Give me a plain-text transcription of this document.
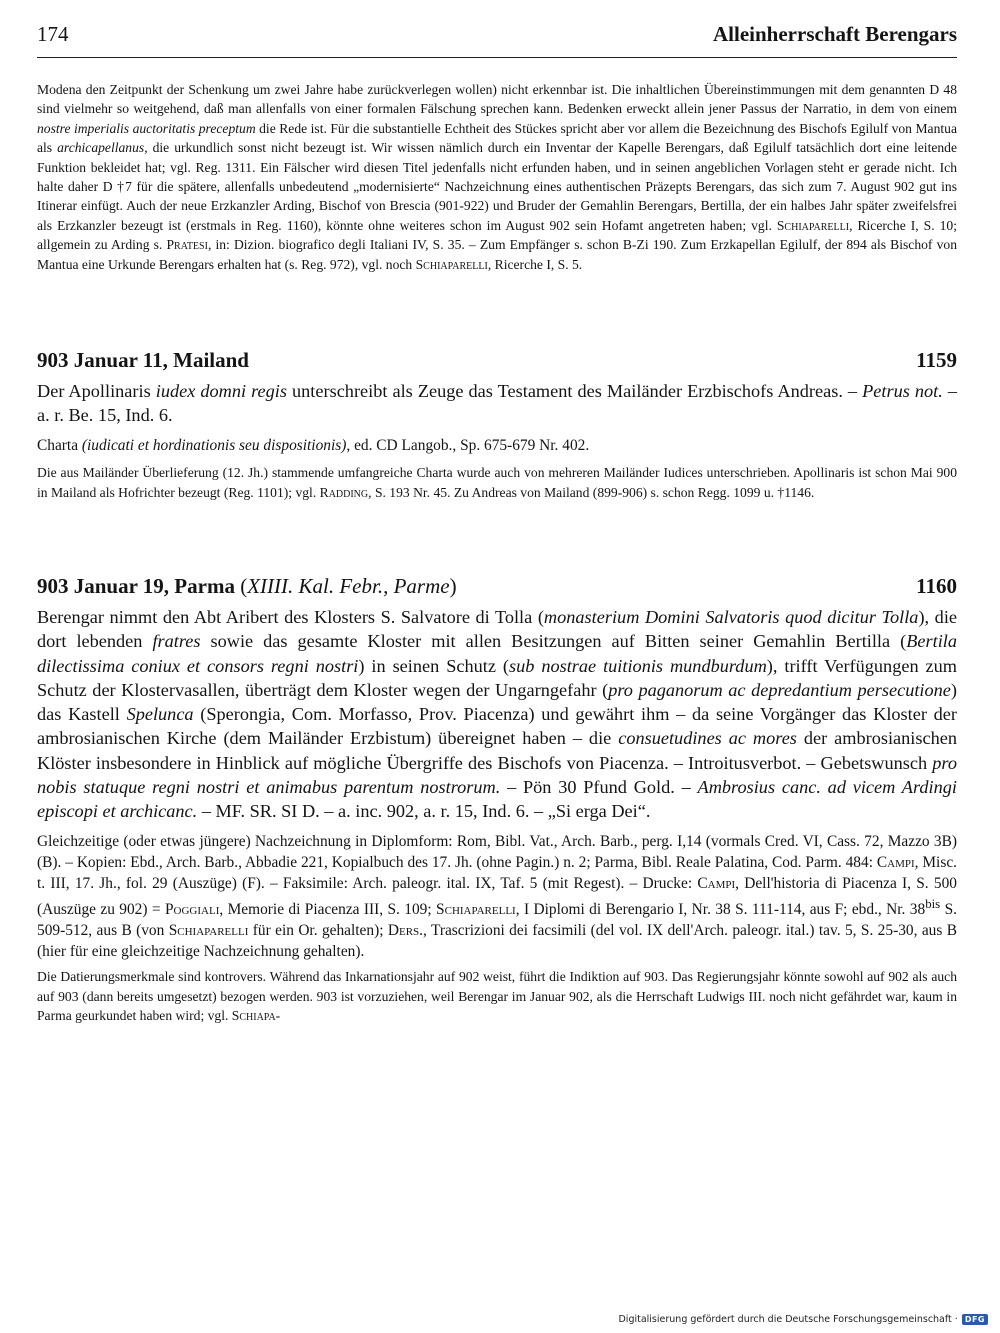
174	Alleinherrschaft Berengars

Modena den Zeitpunkt der Schenkung um zwei Jahre habe zurückverlegen wollen) nicht erkennbar ist. Die inhaltlichen Übereinstimmungen mit dem genannten D 48 sind vielmehr so weitgehend, daß man allenfalls von einer formalen Fälschung sprechen kann. Bedenken erweckt allein jener Passus der Narratio, in dem von einem nostre imperialis auctoritatis preceptum die Rede ist. Für die substantielle Echtheit des Stückes spricht aber vor allem die Bezeichnung des Bischofs Egilulf von Mantua als archicapellanus, die urkundlich sonst nicht bezeugt ist. Wir wissen nämlich durch ein Inventar der Kapelle Berengars, daß Egilulf tatsächlich dort eine leitende Funktion bekleidet hat; vgl. Reg. 1311. Ein Fälscher wird diesen Titel jedenfalls nicht erfunden haben, und in seinen angeblichen Vorlagen steht er gerade nicht. Ich halte daher D †7 für die spätere, allenfalls unbedeutend „modernisierte“ Nachzeichnung eines authentischen Präzepts Berengars, das sich zum 7. August 902 gut ins Itinerar einfügt. Auch der neue Erzkanzler Arding, Bischof von Brescia (901-922) und Bruder der Gemahlin Berengars, Bertilla, der ein halbes Jahr später zweifelsfrei als Erzkanzler bezeugt ist (erstmals in Reg. 1160), könnte ohne weiteres schon im August 902 sein Hofamt angetreten haben; vgl. Schiaparelli, Ricerche I, S. 10; allgemein zu Arding s. Pratesi, in: Dizion. biografico degli Italiani IV, S. 35. – Zum Empfänger s. schon B-Zi 190. Zum Erzkapellan Egilulf, der 894 als Bischof von Mantua eine Urkunde Berengars erhalten hat (s. Reg. 972), vgl. noch Schiaparelli, Ricerche I, S. 5.

903 Januar 11, Mailand	1159

Der Apollinaris iudex domni regis unterschreibt als Zeuge das Testament des Mailänder Erzbischofs Andreas. – Petrus not. – a. r. Be. 15, Ind. 6.

Charta (iudicati et hordinationis seu dispositionis), ed. CD Langob., Sp. 675-679 Nr. 402.

Die aus Mailänder Überlieferung (12. Jh.) stammende umfangreiche Charta wurde auch von mehreren Mailänder Iudices unterschrieben. Apollinaris ist schon Mai 900 in Mailand als Hofrichter bezeugt (Reg. 1101); vgl. Radding, S. 193 Nr. 45. Zu Andreas von Mailand (899-906) s. schon Regg. 1099 u. †1146.

903 Januar 19, Parma (XIIII. Kal. Febr., Parme)	1160

Berengar nimmt den Abt Aribert des Klosters S. Salvatore di Tolla (monasterium Domini Salvatoris quod dicitur Tolla), die dort lebenden fratres sowie das gesamte Kloster mit allen Besitzungen auf Bitten seiner Gemahlin Bertilla (Bertila dilectissima coniux et consors regni nostri) in seinen Schutz (sub nostrae tuitionis mundburdum), trifft Verfügungen zum Schutz der Klostervasallen, überträgt dem Kloster wegen der Ungarngefahr (pro paganorum ac depredantium persecutione) das Kastell Spelunca (Sperongia, Com. Morfasso, Prov. Piacenza) und gewährt ihm – da seine Vorgänger das Kloster der ambrosianischen Kirche (dem Mailänder Erzbistum) übereignet haben – die consuetudines ac mores der ambrosianischen Klöster insbesondere in Hinblick auf mögliche Übergriffe des Bischofs von Piacenza. – Introitusverbot. – Gebetswunsch pro nobis statuque regni nostri et animabus parentum nostrorum. – Pön 30 Pfund Gold. – Ambrosius canc. ad vicem Ardingi episcopi et archicanc. – MF. SR. SI D. – a. inc. 902, a. r. 15, Ind. 6. – „Si erga Dei“.

Gleichzeitige (oder etwas jüngere) Nachzeichnung in Diplomform: Rom, Bibl. Vat., Arch. Barb., perg. I,14 (vormals Cred. VI, Cass. 72, Mazzo 3B) (B). – Kopien: Ebd., Arch. Barb., Abbadie 221, Kopialbuch des 17. Jh. (ohne Pagin.) n. 2; Parma, Bibl. Reale Palatina, Cod. Parm. 484: Campi, Misc. t. III, 17. Jh., fol. 29 (Auszüge) (F). – Faksimile: Arch. paleogr. ital. IX, Taf. 5 (mit Regest). – Drucke: Campi, Dell'historia di Piacenza I, S. 500 (Auszüge zu 902) = Poggiali, Memorie di Piacenza III, S. 109; Schiaparelli, I Diplomi di Berengario I, Nr. 38 S. 111-114, aus F; ebd., Nr. $38^{bis}$ S. 509-512, aus B (von Schiaparelli für ein Or. gehalten); Ders., Trascrizioni dei facsimili (del vol. IX dell'Arch. paleogr. ital.) tav. 5, S. 25-30, aus B (hier für eine gleichzeitige Nachzeichnung gehalten).

Die Datierungsmerkmale sind kontrovers. Während das Inkarnationsjahr auf 902 weist, führt die Indiktion auf 903. Das Regierungsjahr könnte sowohl auf 902 als auch auf 903 (dann bereits umgesetzt) bezogen werden. 903 ist vorzuziehen, weil Berengar im Januar 902, als die Herrschaft Ludwigs III. noch nicht gefährdet war, kaum in Parma geurkundet haben wird; vgl. Schiapa-

Digitalisierung gefördert durch die Deutsche Forschungsgemeinschaft · DFG
